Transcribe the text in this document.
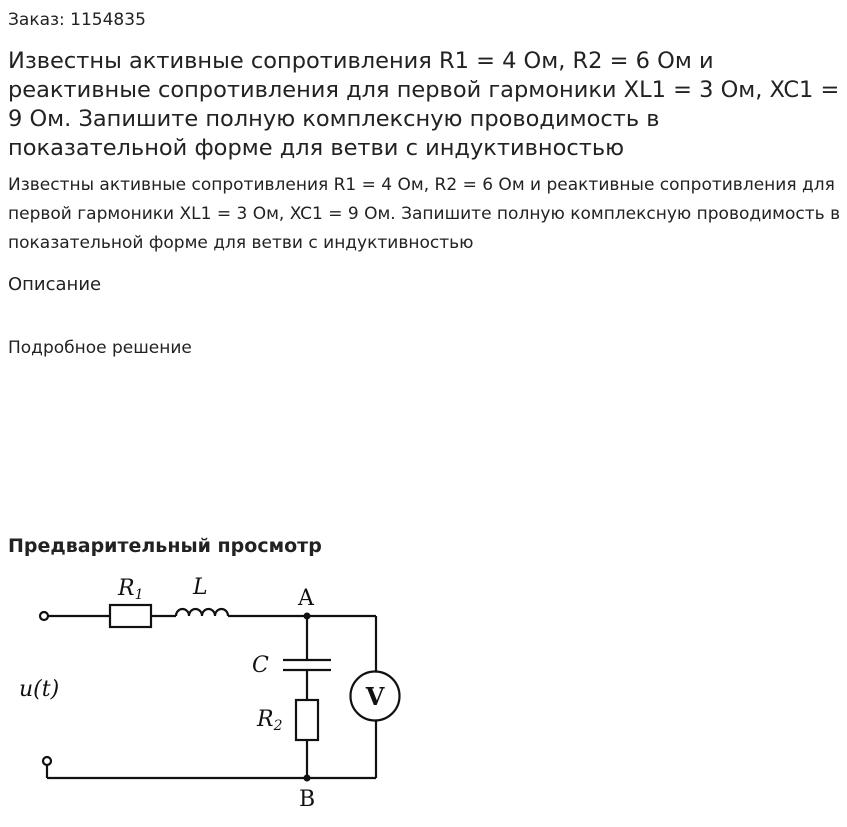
Заказ: 1154835
Известны активные сопротивления R1 = 4 Ом, R2 = 6 Ом и реактивные сопротивления для первой гармоники XL1 = 3 Ом, XC1 = 9 Ом. Запишите полную комплексную проводимость в показательной форме для ветви с индуктивностью

Известны активные сопротивления R1 = 4 Ом, R2 = 6 Ом и реактивные сопротивления для первой гармоники XL1 = 3 Ом, XC1 = 9 Ом. Запишите полную комплексную проводимость в показательной форме для ветви с индуктивностью

Описание
Подробное решение
Предварительный просмотр
R1 L	A
C
R2
V
u(t)
B
